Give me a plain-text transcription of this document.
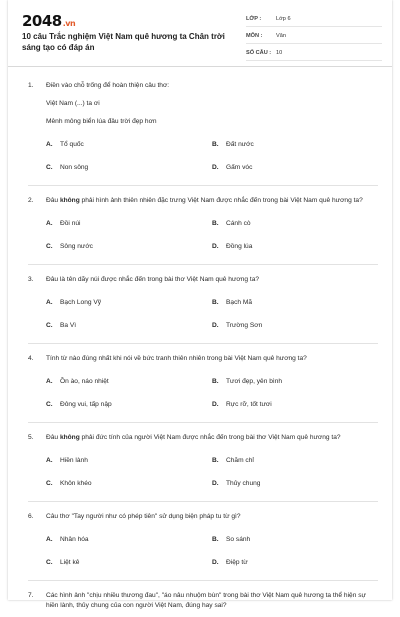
2048.vn
10 câu Trắc nghiệm Việt Nam quê hương ta Chân trời sáng tạo có đáp án
LỚP :	Lớp 6
MÔN :	Văn
SỐ CÂU : 10
1.	Điền vào chỗ trống để hoàn thiện câu thơ:
Việt Nam (...) ta ơi
Mênh mông biển lúa đâu trời đẹp hơn
A.	Tổ quốc	B.	Đất nước
C.	Non sông	D.	Gấm vóc
2.	Đâu không phải hình ảnh thiên nhiên đặc trưng Việt Nam được nhắc đến trong bài Việt Nam quê hương ta?
A.	Đồi núi	B.	Cánh cò
C.	Sông nước	D.	Đồng lúa
3.	Đâu là tên dãy núi được nhắc đến trong bài thơ Việt Nam quê hương ta?
A.	Bạch Long Vỹ	B.	Bạch Mã
C.	Ba Vì	D.	Trường Sơn
4.	Tính từ nào đúng nhất khi nói về bức tranh thiên nhiên trong bài Việt Nam quê hương ta?
A.	Ồn ào, náo nhiệt	B.	Tươi đẹp, yên bình
C.	Đông vui, tấp nập	D.	Rực rỡ, tốt tươi
5.	Đâu không phải đức tính của người Việt Nam được nhắc đến trong bài thơ Việt Nam quê hương ta?
A.	Hiền lành	B.	Chăm chỉ
C.	Khôn khéo	D.	Thủy chung
6.	Câu thơ "Tay người như có phép tiên" sử dụng biện pháp tu từ gì?
A.	Nhân hóa	B.	So sánh
C.	Liệt kê	D.	Điệp từ
7.	Các hình ảnh "chịu nhiều thương đau", "áo nâu nhuộm bùn" trong bài thơ Việt Nam quê hương ta thể hiện sự hiền lành, thủy chung của con người Việt Nam, đúng hay sai?
